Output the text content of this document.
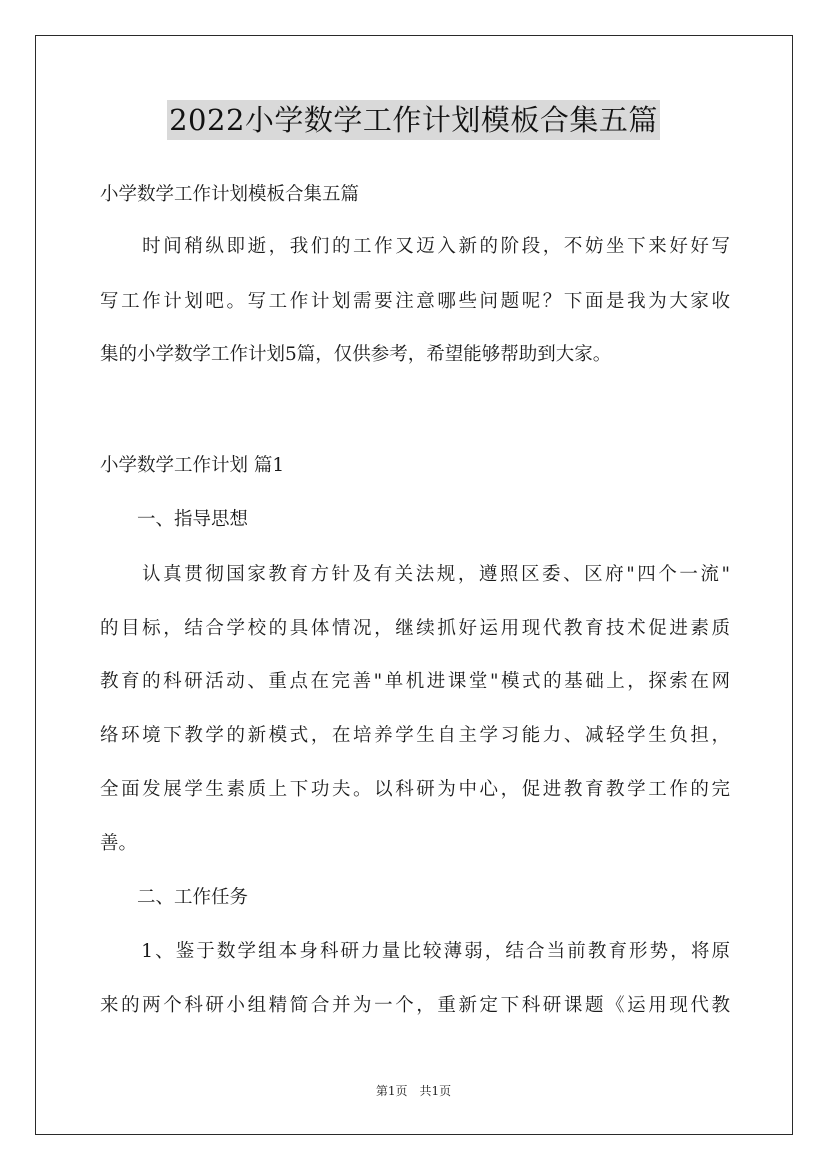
2022小学数学工作计划模板合集五篇
小学数学工作计划模板合集五篇
　　时间稍纵即逝，我们的工作又迈入新的阶段，不妨坐下来好好写
写工作计划吧。写工作计划需要注意哪些问题呢？下面是我为大家收
集的小学数学工作计划5篇，仅供参考，希望能够帮助到大家。
小学数学工作计划 篇1
　　一、指导思想
　　认真贯彻国家教育方针及有关法规，遵照区委、区府"四个一流"
的目标，结合学校的具体情况，继续抓好运用现代教育技术促进素质
教育的科研活动、重点在完善"单机进课堂"模式的基础上，探索在网
络环境下教学的新模式，在培养学生自主学习能力、减轻学生负担，
全面发展学生素质上下功夫。以科研为中心，促进教育教学工作的完
善。
　　二、工作任务
　　1、鉴于数学组本身科研力量比较薄弱，结合当前教育形势，将原
来的两个科研小组精简合并为一个，重新定下科研课题《运用现代教
第1页　共1页
